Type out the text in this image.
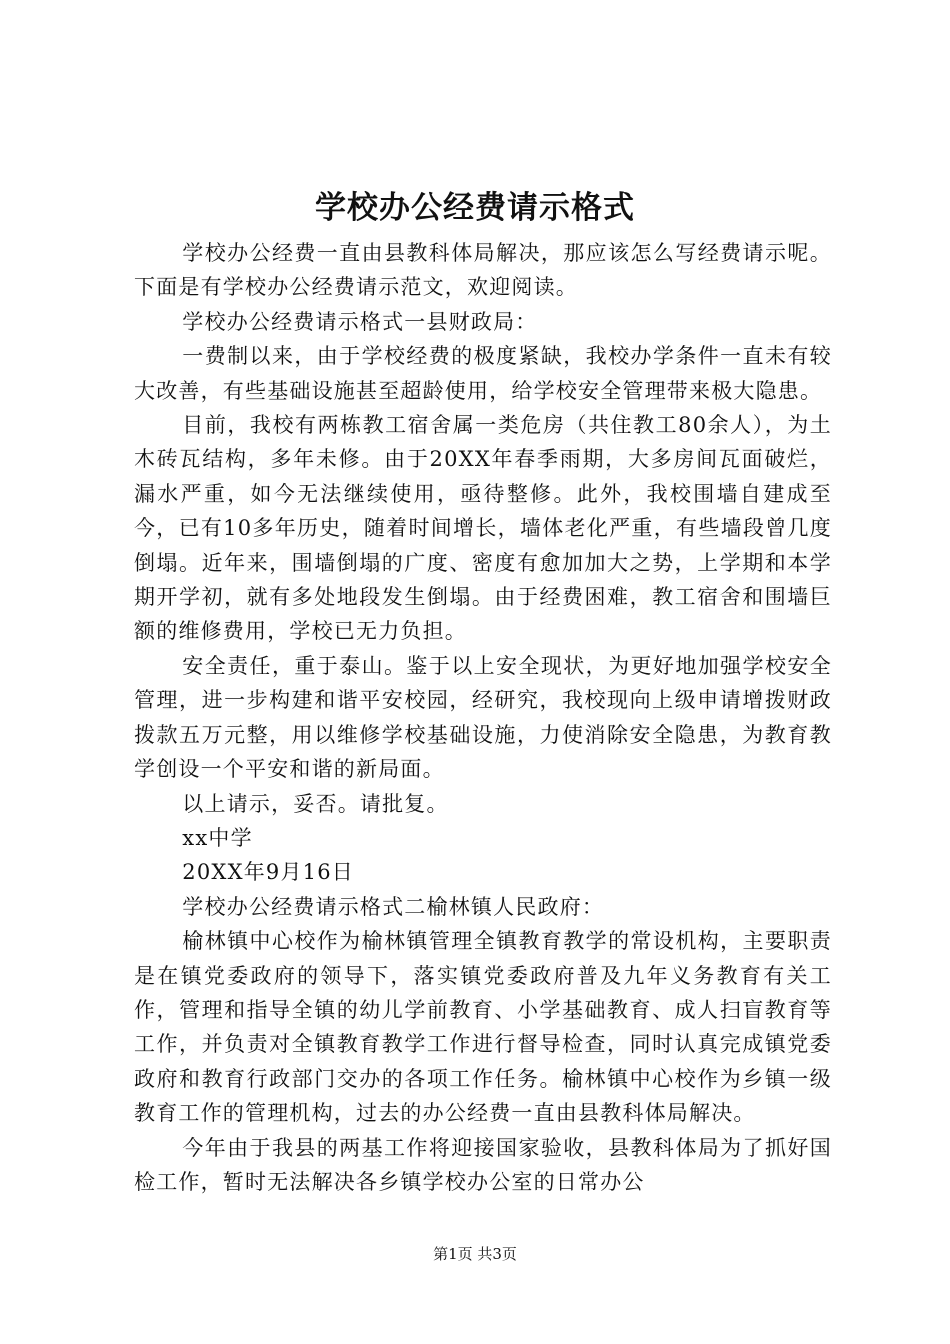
学校办公经费请示格式

学校办公经费一直由县教科体局解决，那应该怎么写经费请示呢。下面是有学校办公经费请示范文，欢迎阅读。

学校办公经费请示格式一县财政局：

一费制以来，由于学校经费的极度紧缺，我校办学条件一直未有较大改善，有些基础设施甚至超龄使用，给学校安全管理带来极大隐患。

目前，我校有两栋教工宿舍属一类危房（共住教工80余人），为土木砖瓦结构，多年未修。由于20XX年春季雨期，大多房间瓦面破烂，漏水严重，如今无法继续使用，亟待整修。此外，我校围墙自建成至今，已有10多年历史，随着时间增长，墙体老化严重，有些墙段曾几度倒塌。近年来，围墙倒塌的广度、密度有愈加加大之势，上学期和本学期开学初，就有多处地段发生倒塌。由于经费困难，教工宿舍和围墙巨额的维修费用，学校已无力负担。

安全责任，重于泰山。鉴于以上安全现状，为更好地加强学校安全管理，进一步构建和谐平安校园，经研究，我校现向上级申请增拨财政拨款五万元整，用以维修学校基础设施，力使消除安全隐患，为教育教学创设一个平安和谐的新局面。

以上请示，妥否。请批复。

xx中学

20XX年9月16日

学校办公经费请示格式二榆林镇人民政府：

榆林镇中心校作为榆林镇管理全镇教育教学的常设机构，主要职责是在镇党委政府的领导下，落实镇党委政府普及九年义务教育有关工作，管理和指导全镇的幼儿学前教育、小学基础教育、成人扫盲教育等工作，并负责对全镇教育教学工作进行督导检查，同时认真完成镇党委政府和教育行政部门交办的各项工作任务。榆林镇中心校作为乡镇一级教育工作的管理机构，过去的办公经费一直由县教科体局解决。

今年由于我县的两基工作将迎接国家验收，县教科体局为了抓好国检工作，暂时无法解决各乡镇学校办公室的日常办公

第1页 共3页
